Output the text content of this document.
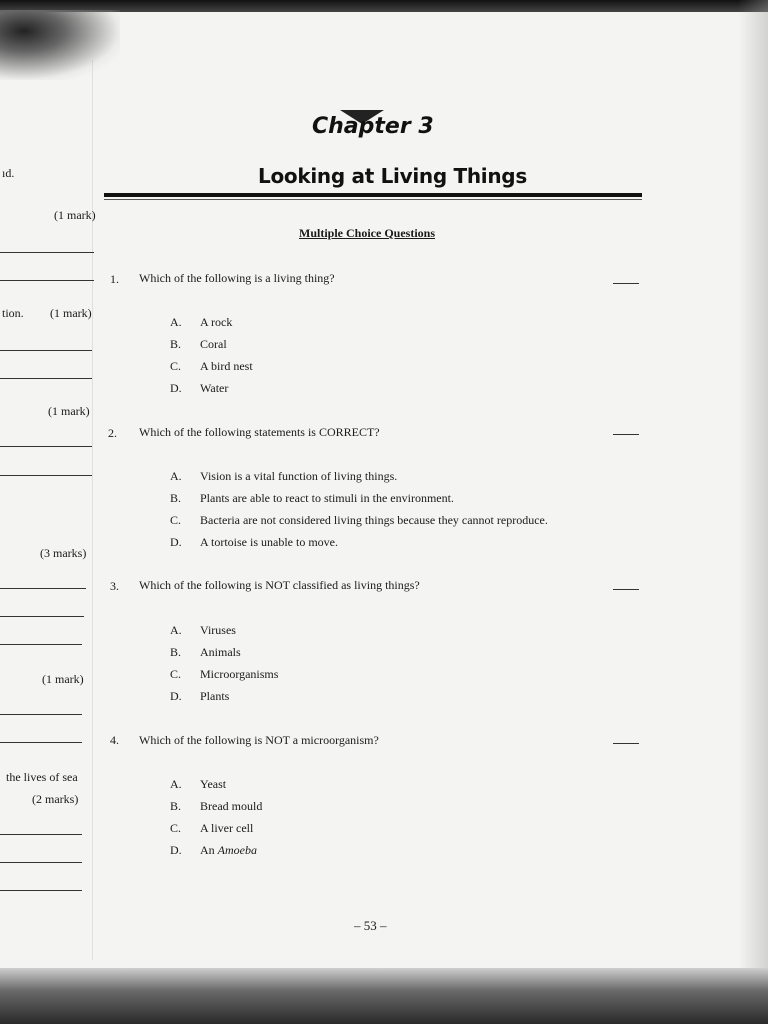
Chapter 3
Looking at Living Things
Multiple Choice Questions
ıd.
(1 mark)
tion. (1 mark)
(1 mark)
(3 marks)
(1 mark)
the lives of sea
(2 marks)
1. Which of the following is a living thing?
A. A rock
B. Coral
C. A bird nest
D. Water
2. Which of the following statements is CORRECT?
A. Vision is a vital function of living things.
B. Plants are able to react to stimuli in the environment.
C. Bacteria are not considered living things because they cannot reproduce.
D. A tortoise is unable to move.
3. Which of the following is NOT classified as living things?
A. Viruses
B. Animals
C. Microorganisms
D. Plants
4. Which of the following is NOT a microorganism?
A. Yeast
B. Bread mould
C. A liver cell
D. An Amoeba
– 53 –
